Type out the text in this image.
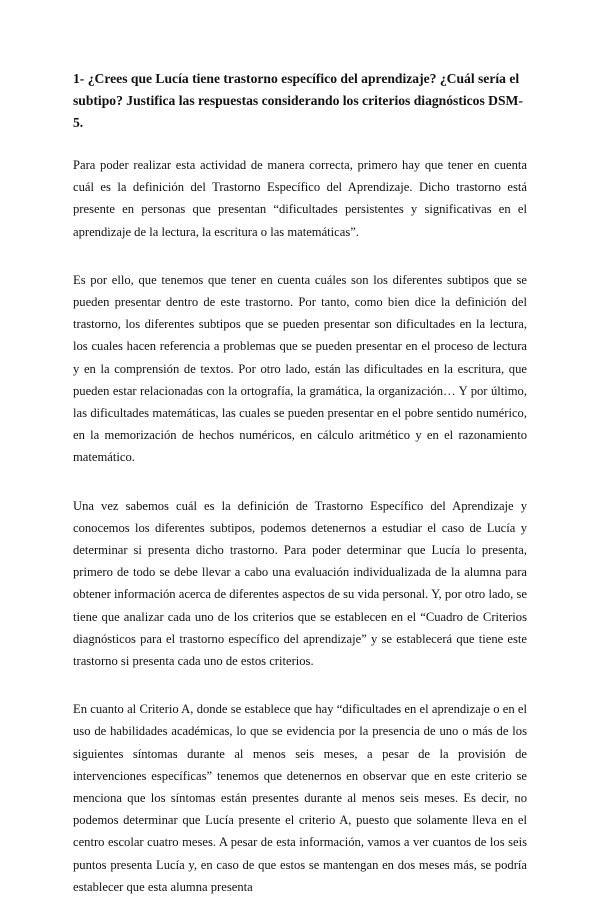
1- ¿Crees que Lucía tiene trastorno específico del aprendizaje? ¿Cuál sería el subtipo? Justifica las respuestas considerando los criterios diagnósticos DSM-5.

Para poder realizar esta actividad de manera correcta, primero hay que tener en cuenta cuál es la definición del Trastorno Específico del Aprendizaje. Dicho trastorno está presente en personas que presentan “dificultades persistentes y significativas en el aprendizaje de la lectura, la escritura o las matemáticas”.

Es por ello, que tenemos que tener en cuenta cuáles son los diferentes subtipos que se pueden presentar dentro de este trastorno. Por tanto, como bien dice la definición del trastorno, los diferentes subtipos que se pueden presentar son dificultades en la lectura, los cuales hacen referencia a problemas que se pueden presentar en el proceso de lectura y en la comprensión de textos. Por otro lado, están las dificultades en la escritura, que pueden estar relacionadas con la ortografía, la gramática, la organización… Y por último, las dificultades matemáticas, las cuales se pueden presentar en el pobre sentido numérico, en la memorización de hechos numéricos, en cálculo aritmético y en el razonamiento matemático.

Una vez sabemos cuál es la definición de Trastorno Específico del Aprendizaje y conocemos los diferentes subtipos, podemos detenernos a estudiar el caso de Lucía y determinar si presenta dicho trastorno. Para poder determinar que Lucía lo presenta, primero de todo se debe llevar a cabo una evaluación individualizada de la alumna para obtener información acerca de diferentes aspectos de su vida personal. Y, por otro lado, se tiene que analizar cada uno de los criterios que se establecen en el “Cuadro de Criterios diagnósticos para el trastorno específico del aprendizaje” y se establecerá que tiene este trastorno si presenta cada uno de estos criterios.

En cuanto al Criterio A, donde se establece que hay “dificultades en el aprendizaje o en el uso de habilidades académicas, lo que se evidencia por la presencia de uno o más de los siguientes síntomas durante al menos seis meses, a pesar de la provisión de intervenciones específicas” tenemos que detenernos en observar que en este criterio se menciona que los síntomas están presentes durante al menos seis meses. Es decir, no podemos determinar que Lucía presente el criterio A, puesto que solamente lleva en el centro escolar cuatro meses. A pesar de esta información, vamos a ver cuantos de los seis puntos presenta Lucía y, en caso de que estos se mantengan en dos meses más, se podría establecer que esta alumna presenta
